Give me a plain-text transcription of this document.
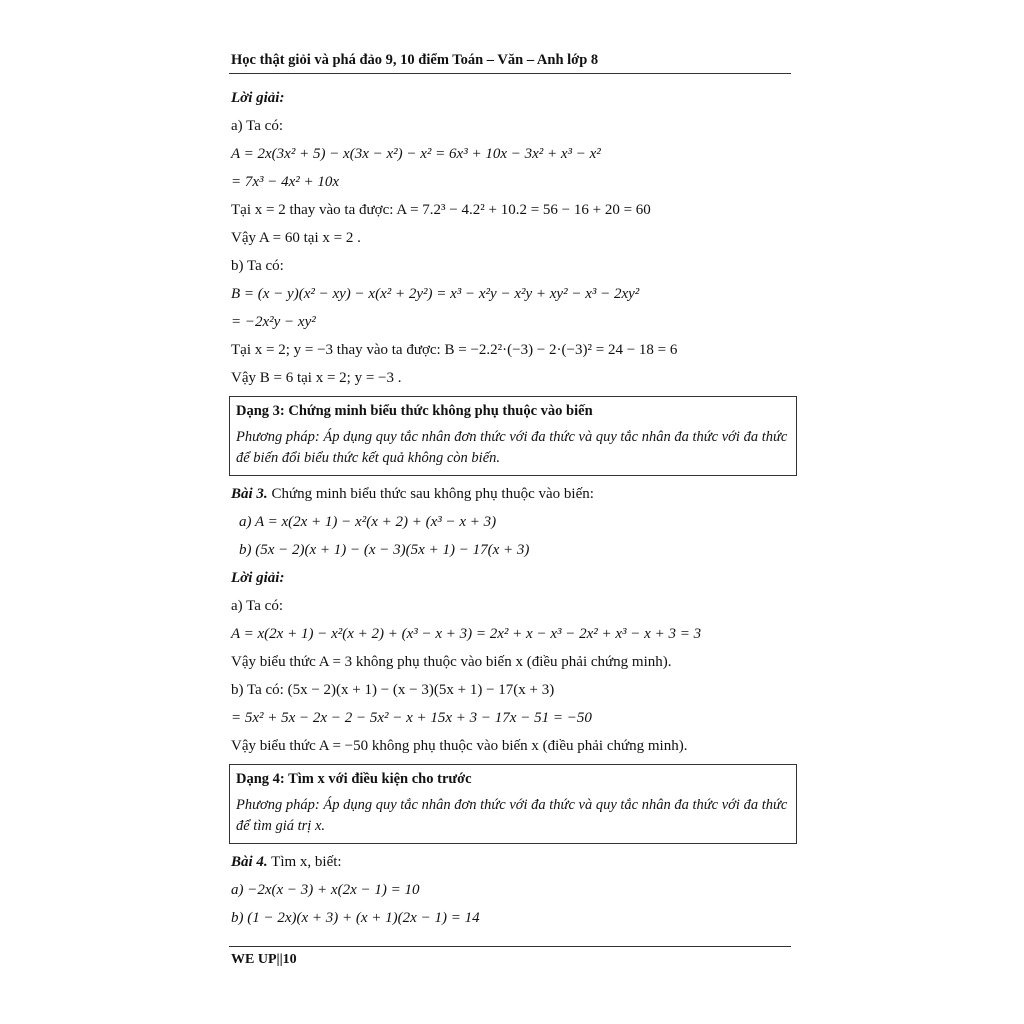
Học thật giỏi và phá đảo 9, 10 điểm Toán – Văn – Anh lớp 8
Lời giải:
a) Ta có:
A = 2x(3x² + 5) − x(3x − x²) − x² = 6x³ + 10x − 3x² + x³ − x²
= 7x³ − 4x² + 10x
Tại x = 2 thay vào ta được: A = 7.2³ − 4.2² + 10.2 = 56 − 16 + 20 = 60
Vậy A = 60 tại x = 2 .
b) Ta có:
B = (x − y)(x² − xy) − x(x² + 2y²) = x³ − x²y − x²y + xy² − x³ − 2xy²
= −2x²y − xy²
Tại x = 2; y = −3 thay vào ta được: B = −2.2²·(−3) − 2·(−3)² = 24 − 18 = 6
Vậy B = 6 tại x = 2; y = −3 .
Dạng 3: Chứng minh biểu thức không phụ thuộc vào biến
Phương pháp: Áp dụng quy tắc nhân đơn thức với đa thức và quy tắc nhân đa thức với đa thức để biến đổi biểu thức kết quả không còn biến.
Bài 3. Chứng minh biểu thức sau không phụ thuộc vào biến:
a) A = x(2x + 1) − x²(x + 2) + (x³ − x + 3)
b) (5x − 2)(x + 1) − (x − 3)(5x + 1) − 17(x + 3)
Lời giải:
a) Ta có:
A = x(2x + 1) − x²(x + 2) + (x³ − x + 3) = 2x² + x − x³ − 2x² + x³ − x + 3 = 3
Vậy biểu thức A = 3 không phụ thuộc vào biến x (điều phải chứng minh).
b) Ta có: (5x − 2)(x + 1) − (x − 3)(5x + 1) − 17(x + 3)
= 5x² + 5x − 2x − 2 − 5x² − x + 15x + 3 − 17x − 51 = −50
Vậy biểu thức A = −50 không phụ thuộc vào biến x (điều phải chứng minh).
Dạng 4: Tìm x với điều kiện cho trước
Phương pháp: Áp dụng quy tắc nhân đơn thức với đa thức và quy tắc nhân đa thức với đa thức để tìm giá trị x.
Bài 4. Tìm x, biết:
a) −2x(x − 3) + x(2x − 1) = 10
b) (1 − 2x)(x + 3) + (x + 1)(2x − 1) = 14
WE UP||10
